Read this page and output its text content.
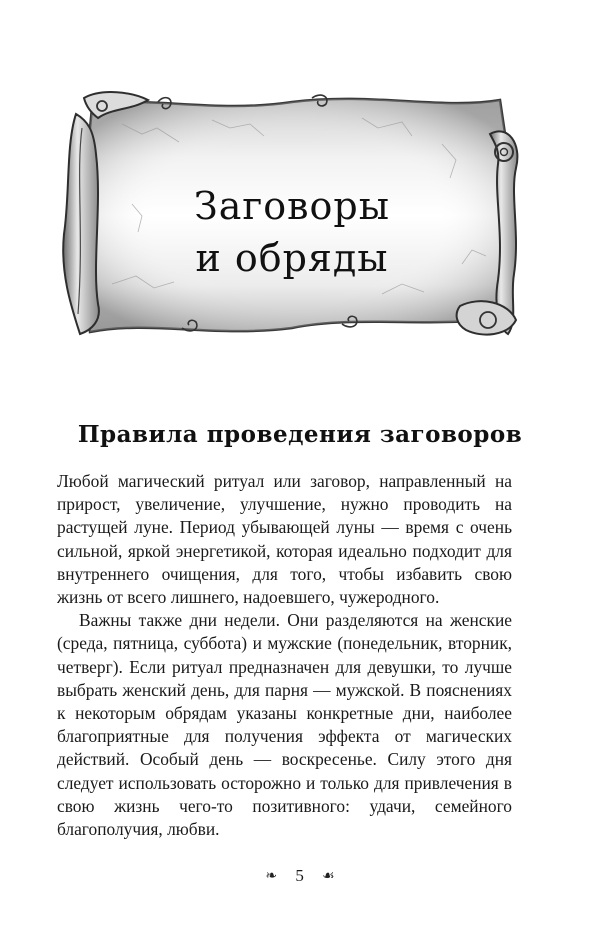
Заговоры
и обряды
Правила проведения заговоров

Любой магический ритуал или заговор, направленный на прирост, увеличение, улучшение, нужно проводить на растущей луне. Период убывающей луны — время с очень сильной, яркой энергетикой, которая идеально подходит для внутреннего очищения, для того, чтобы избавить свою жизнь от всего лишнего, надоевшего, чужеродного.

Важны также дни недели. Они разделяются на женские (среда, пятница, суббота) и мужские (понедельник, вторник, четверг). Если ритуал предназначен для девушки, то лучше выбрать женский день, для парня — мужской. В пояснениях к некоторым обрядам указаны конкретные дни, наиболее благоприятные для получения эффекта от магических действий. Особый день — воскресенье. Силу этого дня следует использовать осторожно и только для привлечения в свою жизнь чего-то позитивного: удачи, семейного благополучия, любви.

❧ 5 ☙
